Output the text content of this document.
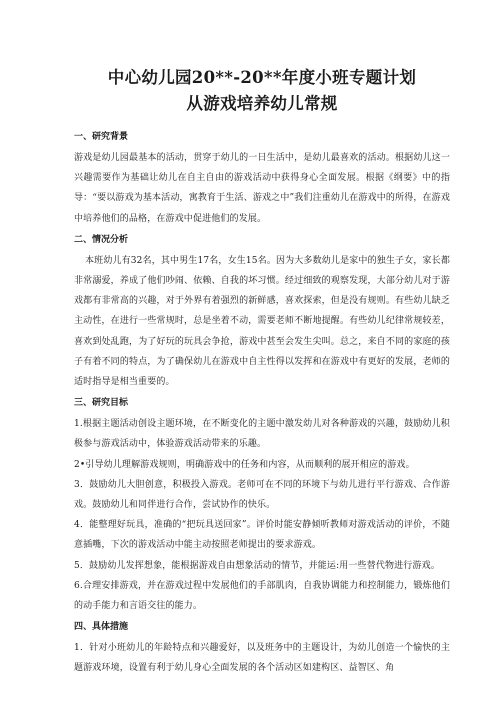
中心幼儿园20**-20**年度小班专题计划
从游戏培养幼儿常规
一、研究背景

游戏是幼儿园最基本的活动，贯穿于幼儿的一日生活中，是幼儿最喜欢的活动。根据幼儿这一兴趣需要作为基础让幼儿在自主自由的游戏活动中获得身心全面发展。根据《纲要》中的指导：“要以游戏为基本活动，寓教育于生活、游戏之中”我们注重幼儿在游戏中的所得，在游戏中培养他们的品格，在游戏中促进他们的发展。

二、情况分析

本班幼儿有32名，其中男生17名，女生15名。因为大多数幼儿是家中的独生子女，家长都非常溺爱，养成了他们吵闹、依赖、自我的坏习惯。经过细致的观察发现，大部分幼儿对于游戏都有非常高的兴趣，对于外界有着强烈的新鲜感，喜欢探索，但是没有规则。有些幼儿缺乏主动性，在进行一些常规时，总是坐着不动，需要老师不断地提醒。有些幼儿纪律常规较差，喜欢到处乱跑，为了好玩的玩具会争抢，游戏中甚至会发生尖叫。总之，来自不同的家庭的孩子有着不同的特点，为了确保幼儿在游戏中自主性得以发挥和在游戏中有更好的发展，老师的适时指导是相当重要的。

三、研究目标

1.根据主题活动创设主题环境，在不断变化的主题中激发幼儿对各种游戏的兴趣，鼓励幼儿积极参与游戏活动中，体验游戏活动带来的乐趣。

2•引导幼儿理解游戏规则，明确游戏中的任务和内容，从而顺利的展开相应的游戏。

3．鼓励幼儿大胆创意，积极投入游戏。老师可在不同的环境下与幼儿进行平行游戏、合作游戏。鼓励幼儿和同伴进行合作，尝试协作的快乐。

4．能整理好玩具，准确的“把玩具送回家”。评价时能安静倾听教师对游戏活动的评价，不随意插嘴，下次的游戏活动中能主动按照老师提出的要求游戏。

5．鼓励幼儿发挥想象，能根据游戏自由想象活动的情节，并能运:用一些替代物进行游戏。

6.合理安排游戏，并在游戏过程中发展他们的手部肌肉，自我协调能力和控制能力，锻炼他们的动手能力和言语交往的能力。

四、具体措施

1．针对小班幼儿的年龄特点和兴趣爱好，以及班务中的主题设计，为幼儿创造一个愉快的主题游戏环境，设置有利于幼儿身心全面发展的各个活动区如建构区、益智区、角
